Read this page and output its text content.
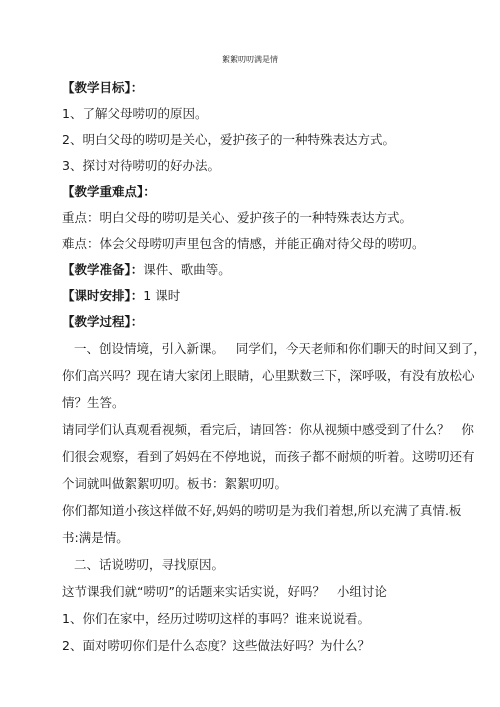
絮絮叨叨满是情
【教学目标】：
1、了解父母唠叨的原因。
2、明白父母的唠叨是关心，爱护孩子的一种特殊表达方式。
3、探讨对待唠叨的好办法。
【教学重难点】：
重点：明白父母的唠叨是关心、爱护孩子的一种特殊表达方式。
难点：体会父母唠叨声里包含的情感，并能正确对待父母的唠叨。
【教学准备】：课件、歌曲等。
【课时安排】：1 课时
【教学过程】：
一、创设情境，引入新课。   同学们，今天老师和你们聊天的时间又到了，
你们高兴吗？现在请大家闭上眼睛，心里默数三下，深呼吸，有没有放松心
情？生答。
请同学们认真观看视频，看完后，请回答：你从视频中感受到了什么？   你
们很会观察，看到了妈妈在不停地说，而孩子都不耐烦的听着。这唠叨还有
个词就叫做絮絮叨叨。板书：絮絮叨叨。
你们都知道小孩这样做不好,妈妈的唠叨是为我们着想,所以充满了真情.板
书:满是情。
二、话说唠叨，寻找原因。
这节课我们就“唠叨”的话题来实话实说，好吗？   小组讨论
1、你们在家中，经历过唠叨这样的事吗？谁来说说看。
2、面对唠叨你们是什么态度？这些做法好吗？为什么？
